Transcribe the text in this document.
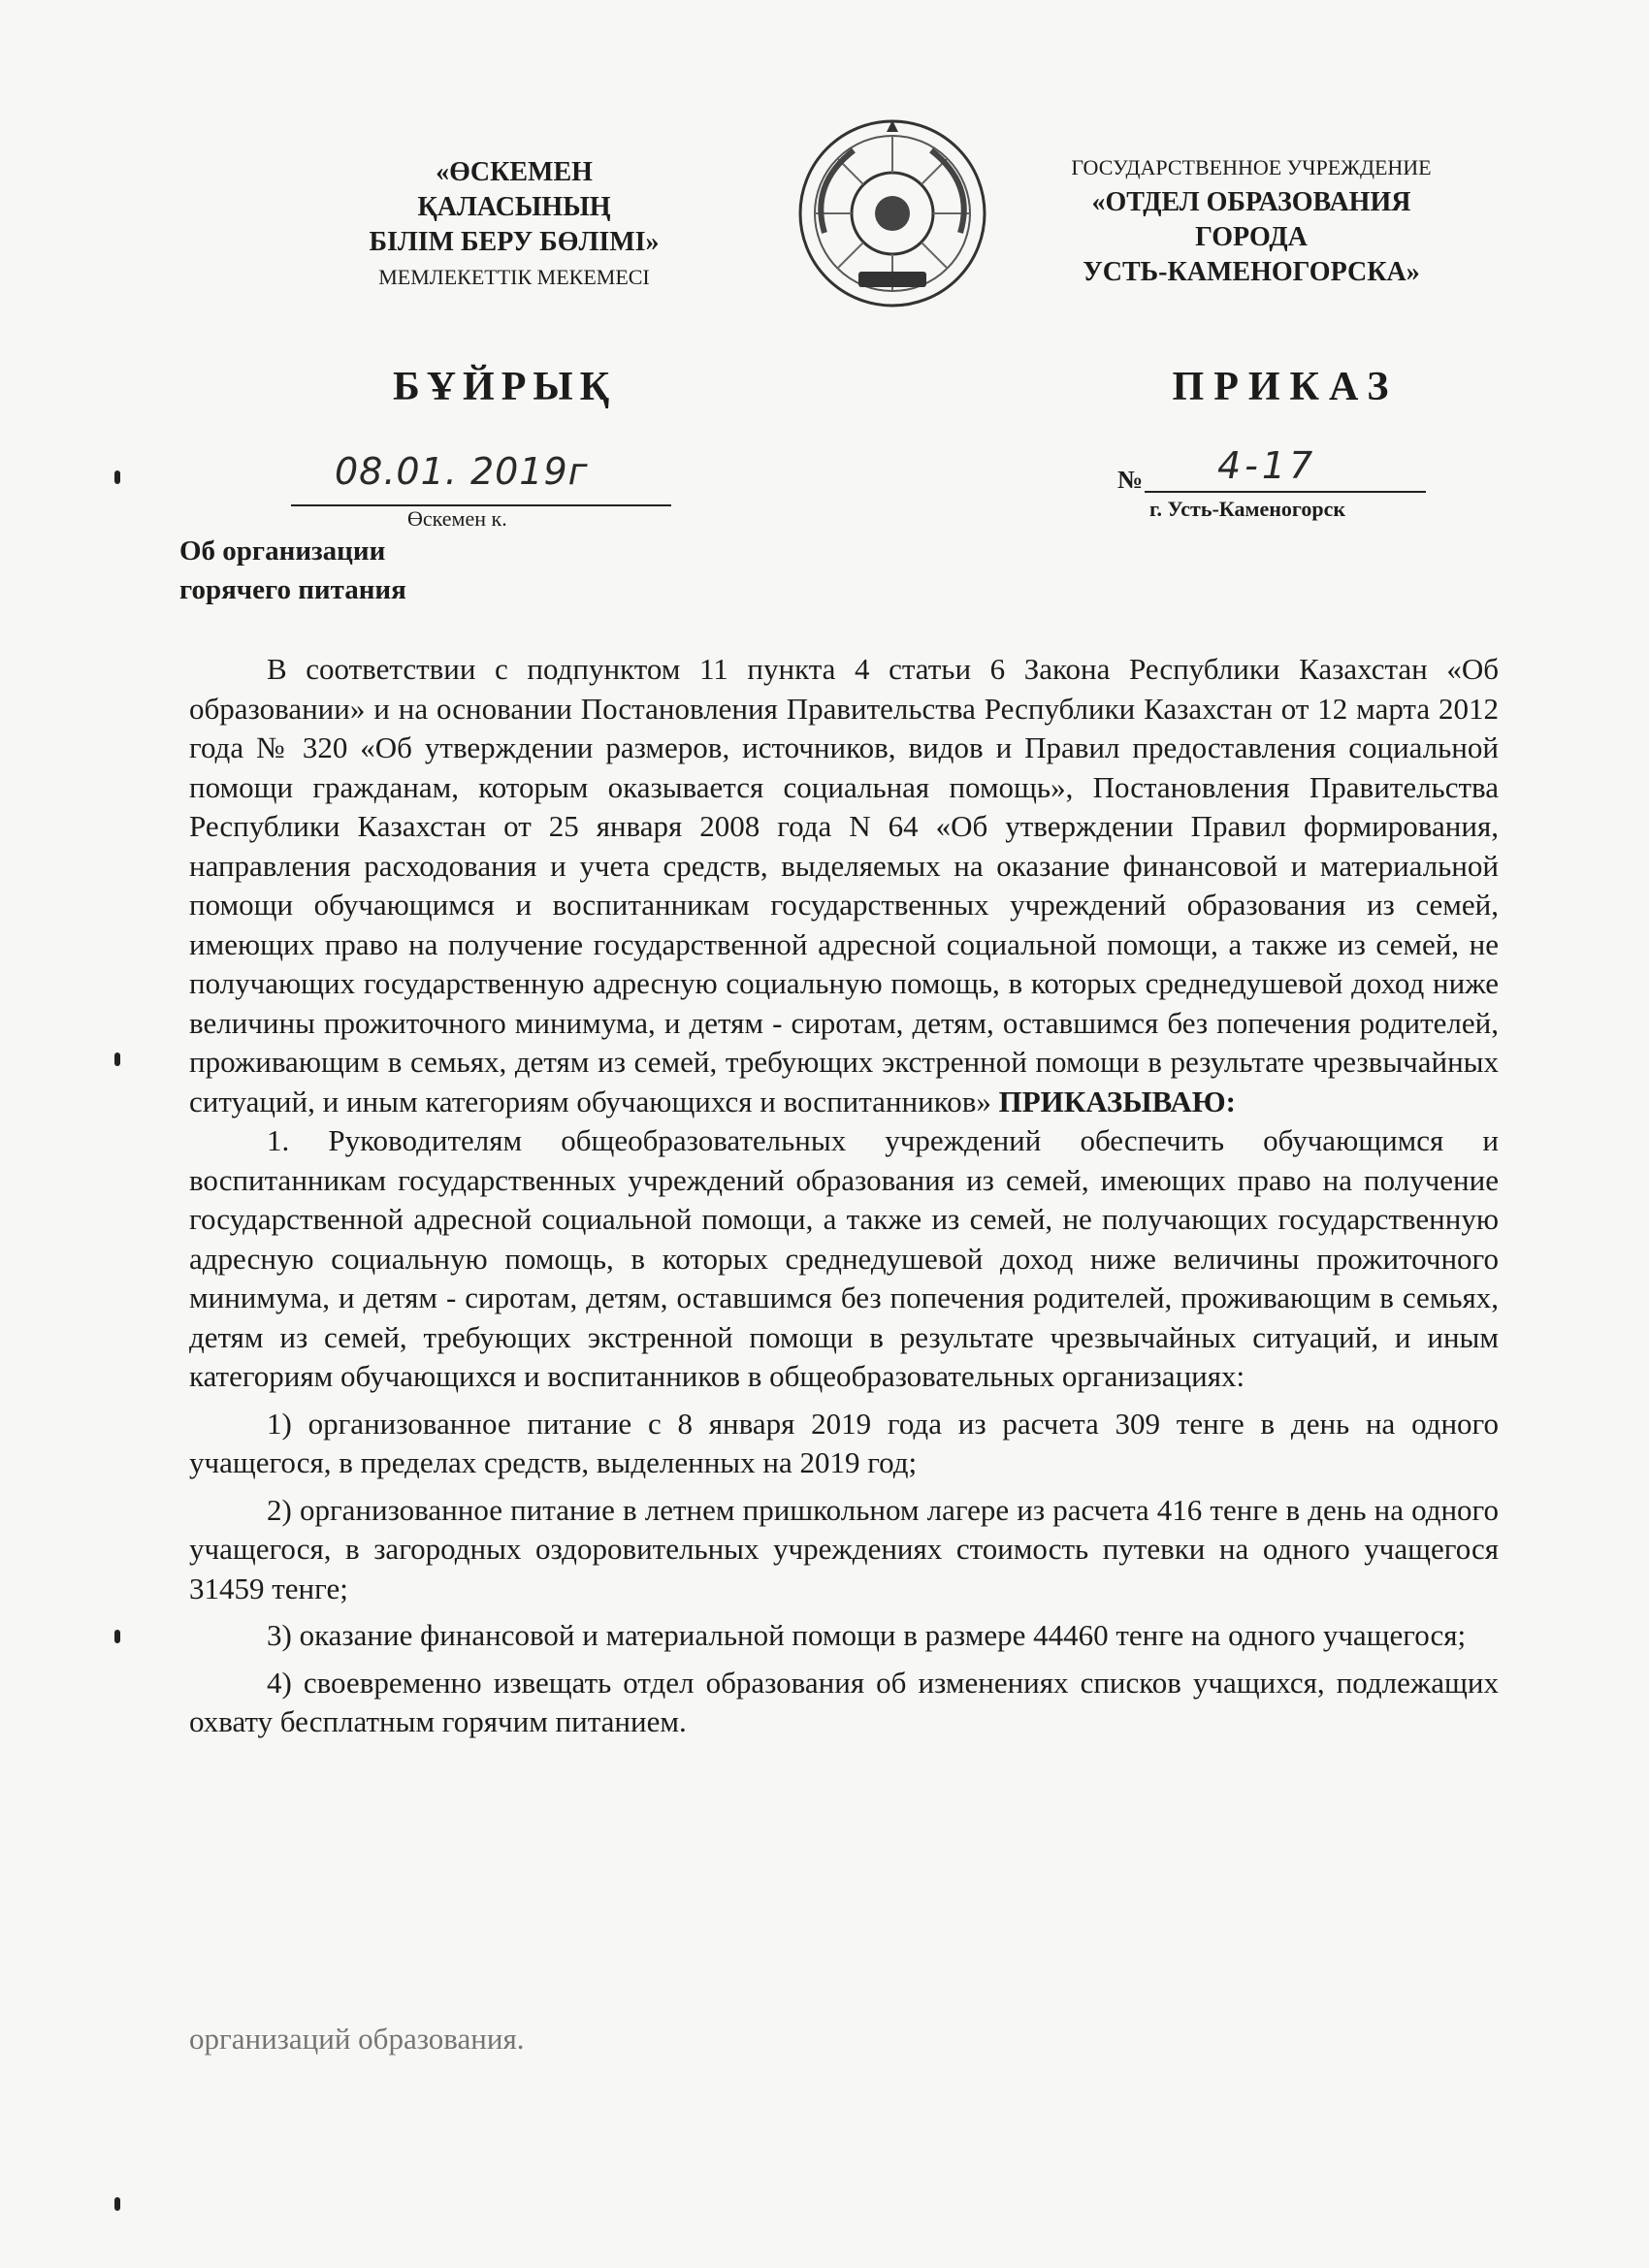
«ӨСКЕМЕН
ҚАЛАСЫНЫҢ
БІЛІМ БЕРУ БӨЛІМІ»
МЕМЛЕКЕТТІК МЕКЕМЕСІ
ГОСУДАРСТВЕННОЕ УЧРЕЖДЕНИЕ
«ОТДЕЛ ОБРАЗОВАНИЯ
ГОРОДА
УСТЬ-КАМЕНОГОРСКА»
БҰЙРЫҚ	ПРИКАЗ
08.01. 2019г
Өскемен к.
№ 4-17
г. Усть-Каменогорск
Об организации
горячего питания

В соответствии с подпунктом 11 пункта 4 статьи 6 Закона Республики Казахстан «Об образовании» и на основании Постановления Правительства Республики Казахстан от 12 марта 2012 года № 320 «Об утверждении размеров, источников, видов и Правил предоставления социальной помощи гражданам, которым оказывается социальная помощь», Постановления Правительства Республики Казахстан от 25 января 2008 года N 64 «Об утверждении Правил формирования, направления расходования и учета средств, выделяемых на оказание финансовой и материальной помощи обучающимся и воспитанникам государственных учреждений образования из семей, имеющих право на получение государственной адресной социальной помощи, а также из семей, не получающих государственную адресную социальную помощь, в которых среднедушевой доход ниже величины прожиточного минимума, и детям - сиротам, детям, оставшимся без попечения родителей, проживающим в семьях, детям из семей, требующих экстренной помощи в результате чрезвычайных ситуаций, и иным категориям обучающихся и воспитанников» ПРИКАЗЫВАЮ:

1. Руководителям общеобразовательных учреждений обеспечить обучающимся и воспитанникам государственных учреждений образования из семей, имеющих право на получение государственной адресной социальной помощи, а также из семей, не получающих государственную адресную социальную помощь, в которых среднедушевой доход ниже величины прожиточного минимума, и детям - сиротам, детям, оставшимся без попечения родителей, проживающим в семьях, детям из семей, требующих экстренной помощи в результате чрезвычайных ситуаций, и иным категориям обучающихся и воспитанников в общеобразовательных организациях:

1) организованное питание с 8 января 2019 года из расчета 309 тенге в день на одного учащегося, в пределах средств, выделенных на 2019 год;

2) организованное питание в летнем пришкольном лагере из расчета 416 тенге в день на одного учащегося, в загородных оздоровительных учреждениях стоимость путевки на одного учащегося 31459 тенге;

3) оказание финансовой и материальной помощи в размере 44460 тенге на одного учащегося;

4) своевременно извещать отдел образования об изменениях списков учащихся, подлежащих охвату бесплатным горячим питанием.

организаций образования.
